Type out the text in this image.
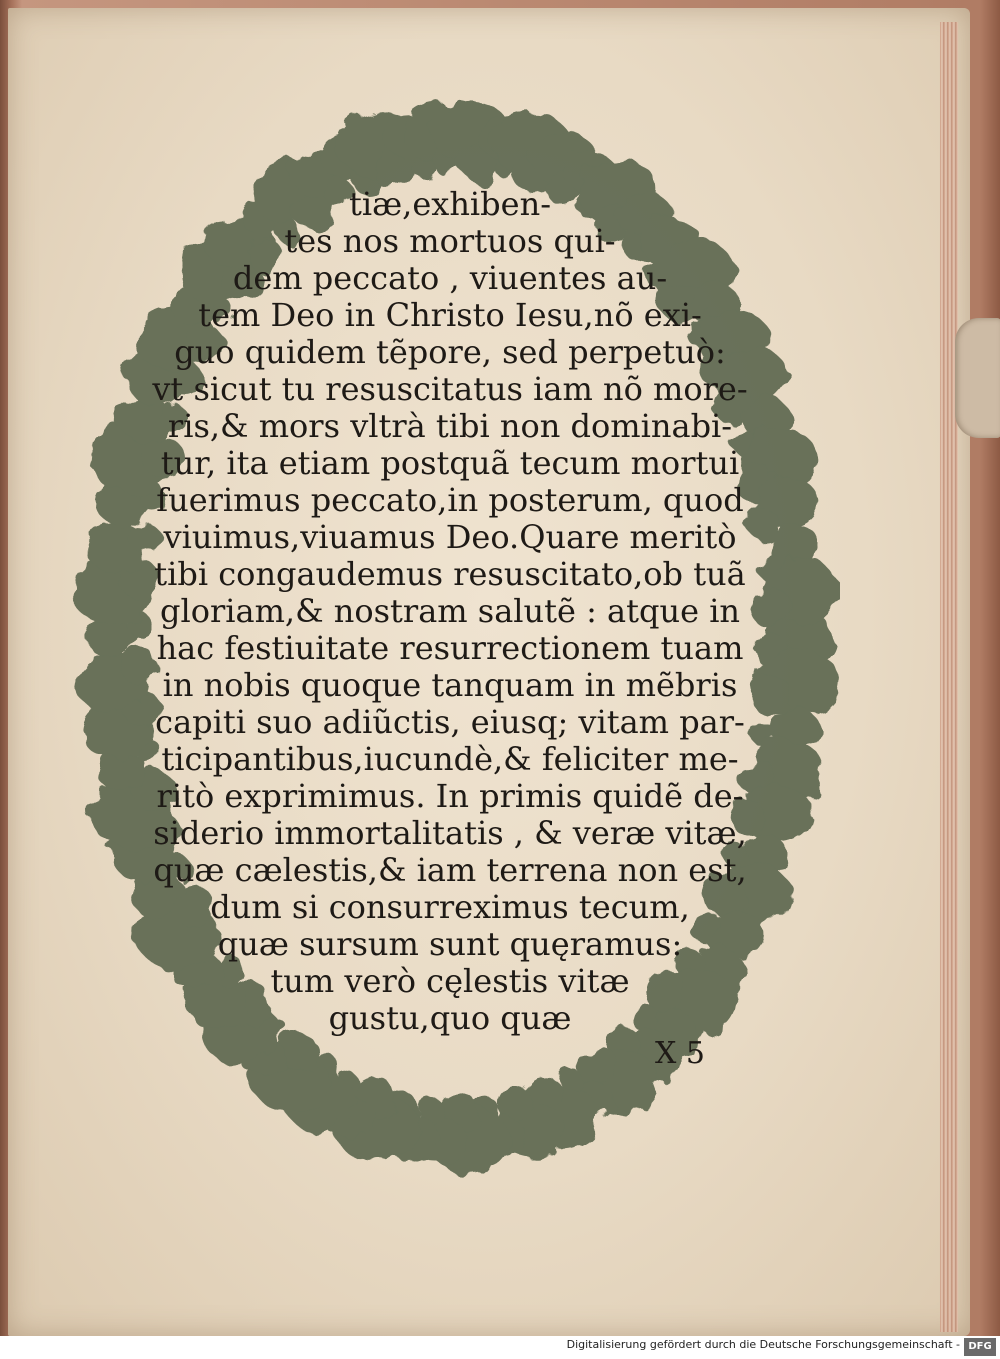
tiæ,exhiben-
tes nos mortuos qui-
dem peccato , viuentes au-
tem Deo in Christo Iesu,nõ exi-
guo quidem tẽpore, sed perpetuò:
vt sicut tu resuscitatus iam nõ more-
ris,& mors vltrà tibi non dominabi-
tur, ita etiam postquã tecum mortui
fuerimus peccato,in posterum, quod
viuimus,viuamus Deo.Quare meritò
tibi congaudemus resuscitato,ob tuã
gloriam,& nostram salutẽ : atque in
hac festiuitate resurrectionem tuam
in nobis quoque tanquam in mẽbris
capiti suo adiũctis, eiusq; vitam par-
ticipantibus,iucundè,& feliciter me-
ritò exprimimus. In primis quidẽ de-
siderio immortalitatis , & veræ vitæ,
quæ cælestis,& iam terrena non est,
dum si consurreximus tecum,
quæ sursum sunt quęramus:
tum verò cęlestis vitæ
gustu,quo quæ
X 5
Digitalisierung gefördert durch die Deutsche Forschungsgemeinschaft - DFG
